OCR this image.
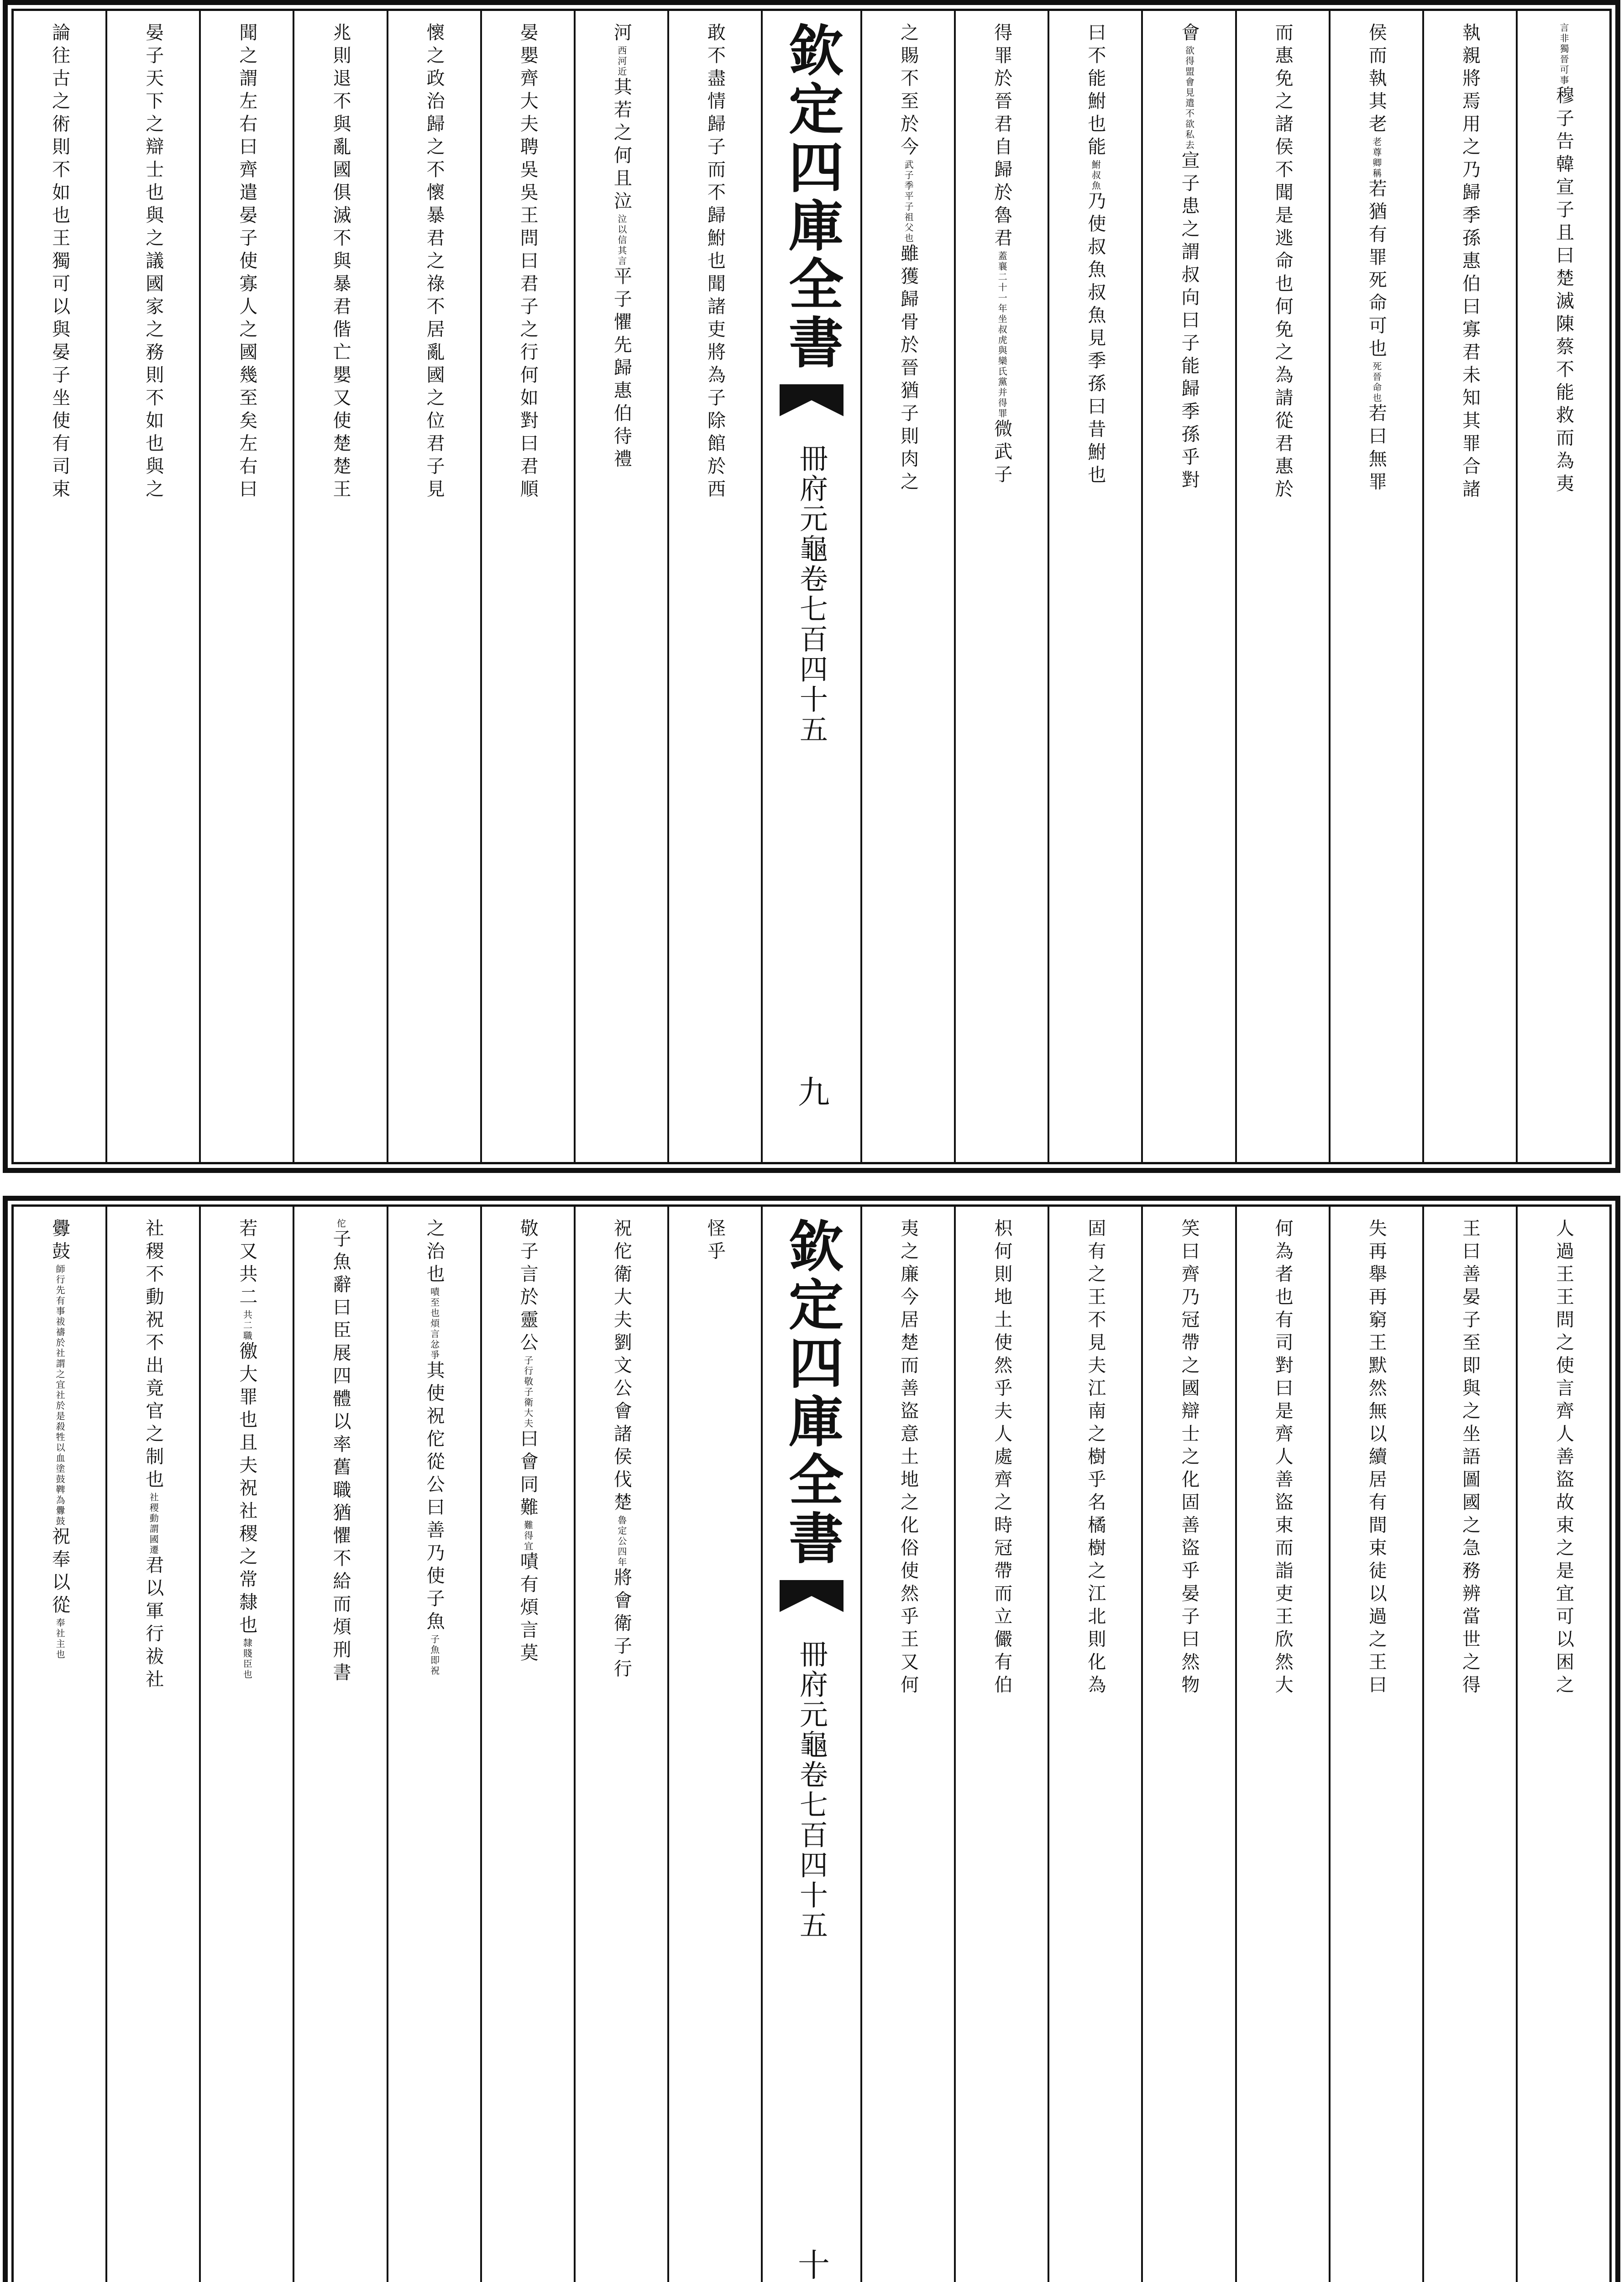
言非獨晉可事
穆子告韓宣子且曰楚滅陳蔡不能救而為夷
執親將焉用之乃歸季孫惠伯曰寡君未知其罪合諸
侯而執其老
老尊卿稱
若猶有罪死命可也
死晉命也
若曰無罪
而惠免之諸侯不聞是逃命也何免之為請從君惠於
會
欲得盟會見遣不欲私去
宣子患之謂叔向曰子能歸季孫乎對
曰不能鮒也能
鮒叔魚
乃使叔魚叔魚見季孫曰昔鮒也
得罪於晉君自歸於魯君
蓋襄二十一年坐叔虎與欒氏黨并得罪
微武子
之賜不至於今
武子季平子祖父也
雖獲歸骨於晉猶子則肉之
欽定四庫全書
冊府元龜卷七百四十五
九
敢不盡情歸子而不歸鮒也聞諸吏將為子除館於西
河
西河近
其若之何且泣
泣以信其言
平子懼先歸惠伯待禮
晏嬰齊大夫聘吳吳王問曰君子之行何如對曰君順
懷之政治歸之不懷暴君之祿不居亂國之位君子見
兆則退不與亂國俱滅不與暴君偕亡嬰又使楚楚王
聞之謂左右曰齊遣晏子使寡人之國幾至矣左右曰
晏子天下之辯士也與之議國家之務則不如也與之
論往古之術則不如也王獨可以與晏子坐使有司束
人過王王問之使言齊人善盜故束之是宜可以困之
王曰善晏子至即與之坐語圖國之急務辨當世之得
失再舉再窮王默然無以續居有間束徒以過之王曰
何為者也有司對曰是齊人善盜束而詣吏王欣然大
笑曰齊乃冠帶之國辯士之化固善盜乎晏子曰然物
固有之王不見夫江南之樹乎名橘樹之江北則化為
枳何則地土使然乎夫人處齊之時冠帶而立儼有伯
夷之廉今居楚而善盜意土地之化俗使然乎王又何
欽定四庫全書
冊府元龜卷七百四十五
十
怪乎
祝佗衛大夫劉文公會諸侯伐楚
魯定公四年
將會衛子行
敬子言於靈公
子行敬子衛大夫
曰會同難
難得宜
嘖有煩言莫
之治也
嘖至也煩言忿爭
其使祝佗從公曰善乃使子魚
子魚即祝
佗
子魚辭曰臣展四體以率舊職猶懼不給而煩刑書
若又共二
共二職
徼大罪也且夫祝社稷之常隸也
隸賤臣也
社稷不動祝不出竟官之制也
社稷動謂國遷
君以軍行祓社
釁鼓
師行先有事祓禱於社謂之宜社於是殺牲以血塗鼓鞞為釁鼓
祝奉以從
奉社主也
